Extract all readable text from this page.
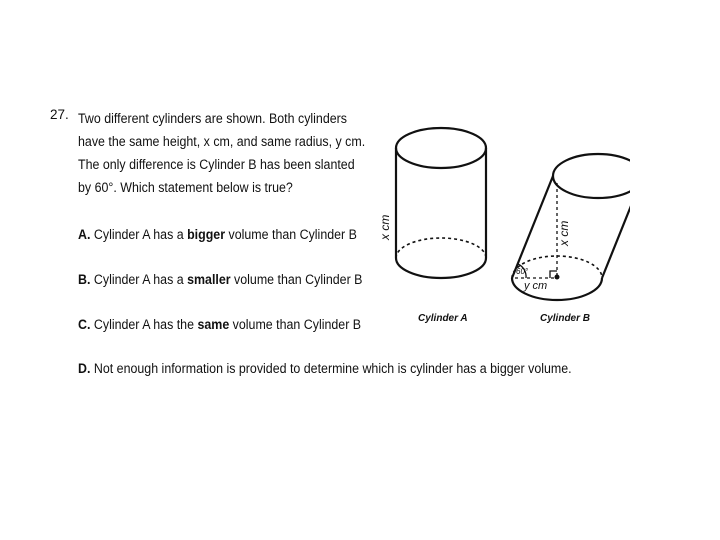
27. Two different cylinders are shown. Both cylinders
have the same height, x cm, and same radius, y cm.
The only difference is Cylinder B has been slanted
by 60°. Which statement below is true?
A. Cylinder A has a bigger volume than Cylinder B
B. Cylinder A has a smaller volume than Cylinder B
C. Cylinder A has the same volume than Cylinder B
D. Not enough information is provided to determine which is cylinder has a bigger volume.
x cm
Cylinder A
x cm
60°
y cm
Cylinder B
